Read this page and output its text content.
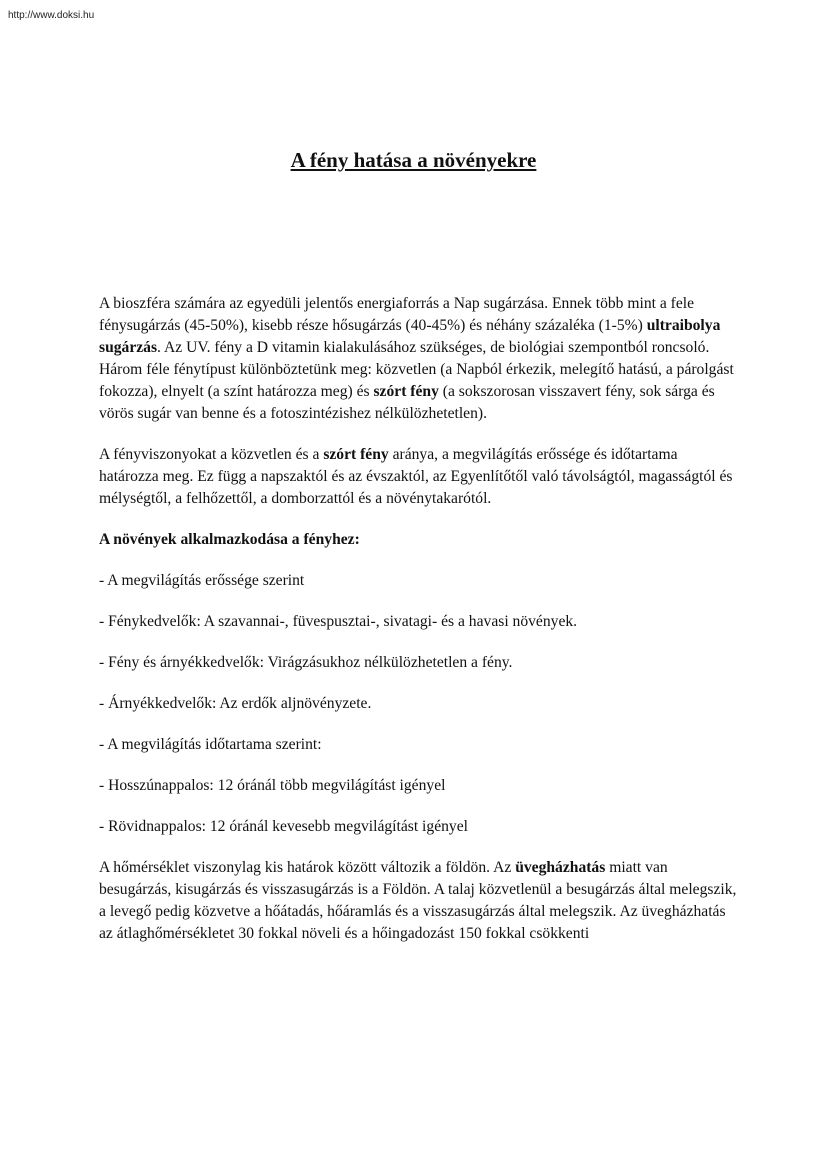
http://www.doksi.hu
A fény hatása a növényekre

A bioszféra számára az egyedüli jelentős energiaforrás a Nap sugárzása. Ennek több mint a fele fénysugárzás (45-50%), kisebb része hősugárzás (40-45%) és néhány százaléka (1-5%) ultraibolya sugárzás. Az UV. fény a D vitamin kialakulásához szükséges, de biológiai szempontból roncsoló. Három féle fénytípust különböztetünk meg: közvetlen (a Napból érkezik, melegítő hatású, a párolgást fokozza), elnyelt (a színt határozza meg) és szórt fény (a sokszorosan visszavert fény, sok sárga és vörös sugár van benne és a fotoszintézishez nélkülözhetetlen).

A fényviszonyokat a közvetlen és a szórt fény aránya, a megvilágítás erőssége és időtartama határozza meg. Ez függ a napszaktól és az évszaktól, az Egyenlítőtől való távolságtól, magasságtól és mélységtől, a felhőzettől, a domborzattól és a növénytakarótól.

A növények alkalmazkodása a fényhez:

- A megvilágítás erőssége szerint

- Fénykedvelők: A szavannai-, füvespusztai-, sivatagi- és a havasi növények.

- Fény és árnyékkedvelők: Virágzásukhoz nélkülözhetetlen a fény.

- Árnyékkedvelők: Az erdők aljnövényzete.

- A megvilágítás időtartama szerint:

- Hosszúnappalos: 12 óránál több megvilágítást igényel

- Rövidnappalos: 12 óránál kevesebb megvilágítást igényel

A hőmérséklet viszonylag kis határok között változik a földön. Az üvegházhatás miatt van besugárzás, kisugárzás és visszasugárzás is a Földön. A talaj közvetlenül a besugárzás által melegszik, a levegő pedig közvetve a hőátadás, hőáramlás és a visszasugárzás által melegszik. Az üvegházhatás az átlaghőmérsékletet 30 fokkal növeli és a hőingadozást 150 fokkal csökkenti
